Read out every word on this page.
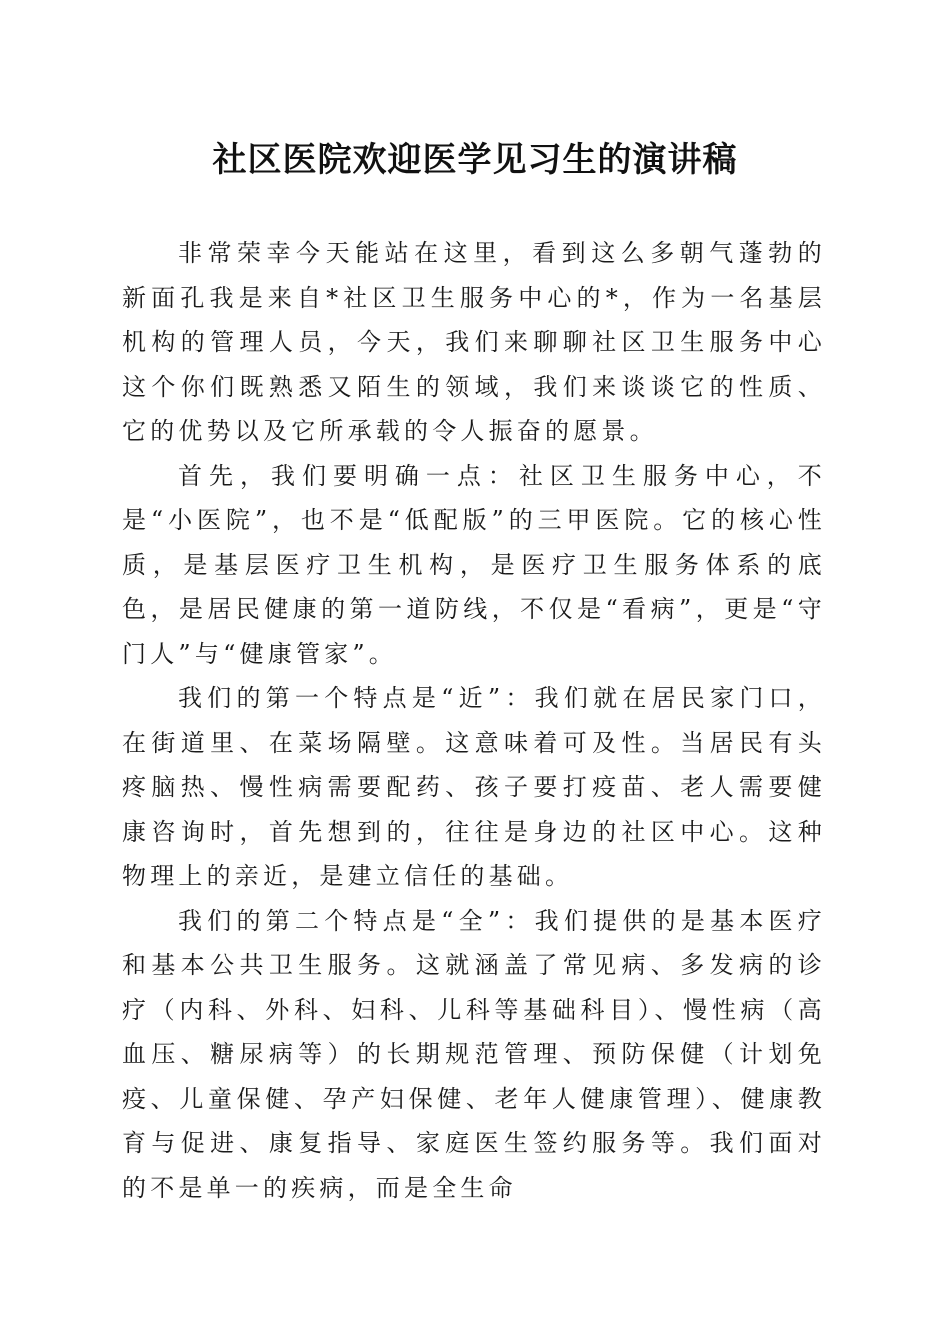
社区医院欢迎医学见习生的演讲稿

非常荣幸今天能站在这里，看到这么多朝气蓬勃的新面孔我是来自*社区卫生服务中心的*，作为一名基层机构的管理人员，今天，我们来聊聊社区卫生服务中心这个你们既熟悉又陌生的领域，我们来谈谈它的性质、它的优势以及它所承载的令人振奋的愿景。

首先，我们要明确一点：社区卫生服务中心，不是“小医院”，也不是“低配版”的三甲医院。它的核心性质，是基层医疗卫生机构，是医疗卫生服务体系的底色，是居民健康的第一道防线，不仅是“看病”，更是“守门人”与“健康管家”。

我们的第一个特点是“近”：我们就在居民家门口，在街道里、在菜场隔壁。这意味着可及性。当居民有头疼脑热、慢性病需要配药、孩子要打疫苗、老人需要健康咨询时，首先想到的，往往是身边的社区中心。这种物理上的亲近，是建立信任的基础。

我们的第二个特点是“全”：我们提供的是基本医疗和基本公共卫生服务。这就涵盖了常见病、多发病的诊疗（内科、外科、妇科、儿科等基础科目）、慢性病（高血压、糖尿病等）的长期规范管理、预防保健（计划免疫、儿童保健、孕产妇保健、老年人健康管理）、健康教育与促进、康复指导、家庭医生签约服务等。我们面对的不是单一的疾病，而是全生命
